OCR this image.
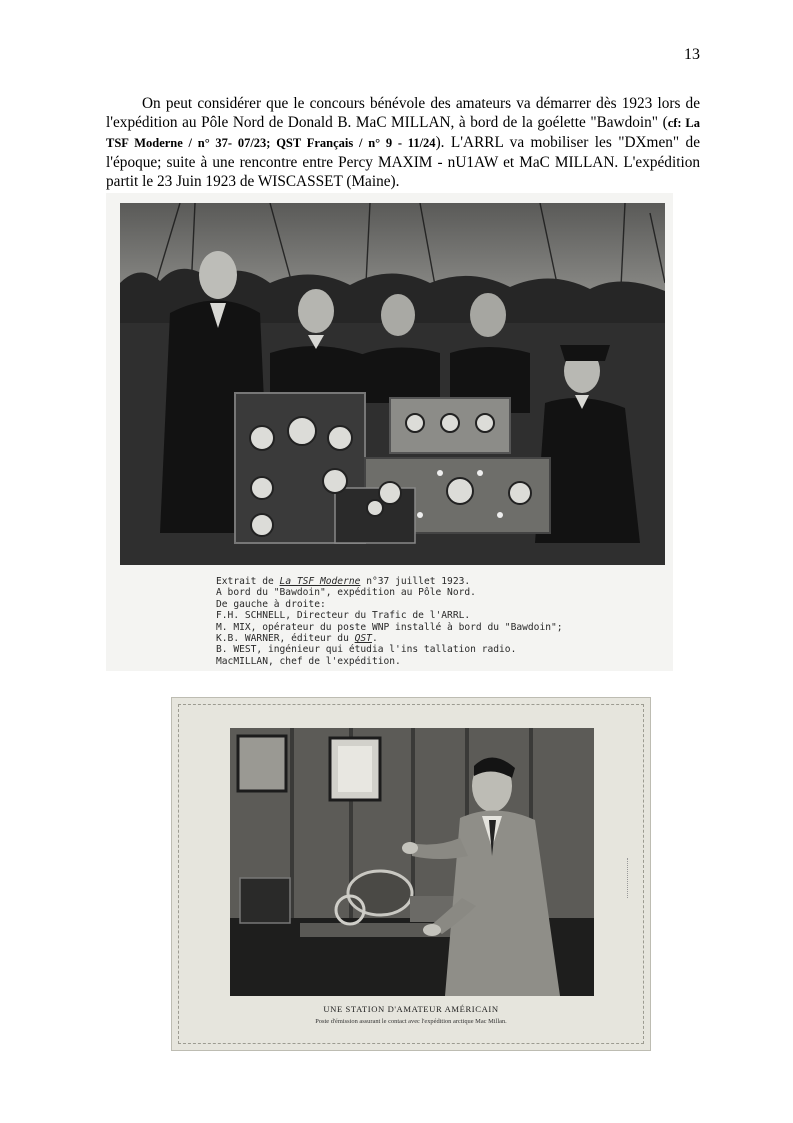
13

On peut considérer que le concours bénévole des amateurs va démarrer dès 1923 lors de l'expédition au Pôle Nord de Donald B. MaC MILLAN, à bord de la goélette "Bawdoin" (cf: La TSF Moderne / n° 37- 07/23; QST Français / n° 9 - 11/24). L'ARRL va mobiliser les "DXmen" de l'époque; suite à une rencontre entre Percy MAXIM - nU1AW et MaC MILLAN. L'expédition partit le 23 Juin 1923 de WISCASSET (Maine).

Extrait de La TSF Moderne n°37 juillet 1923.
A bord du "Bawdoin", expédition au Pôle Nord.
De gauche à droite:
F.H. SCHNELL, Directeur du Trafic de l'ARRL.
M. MIX, opérateur du poste WNP installé à bord du "Bawdoin";
K.B. WARNER, éditeur du QST.
B. WEST, ingénieur qui étudia l'ins tallation radio.
MacMILLAN, chef de l'expédition.
UNE STATION D'AMATEUR AMÉRICAIN
Poste d'émission assurant le contact avec l'expédition arctique Mac Millan.
